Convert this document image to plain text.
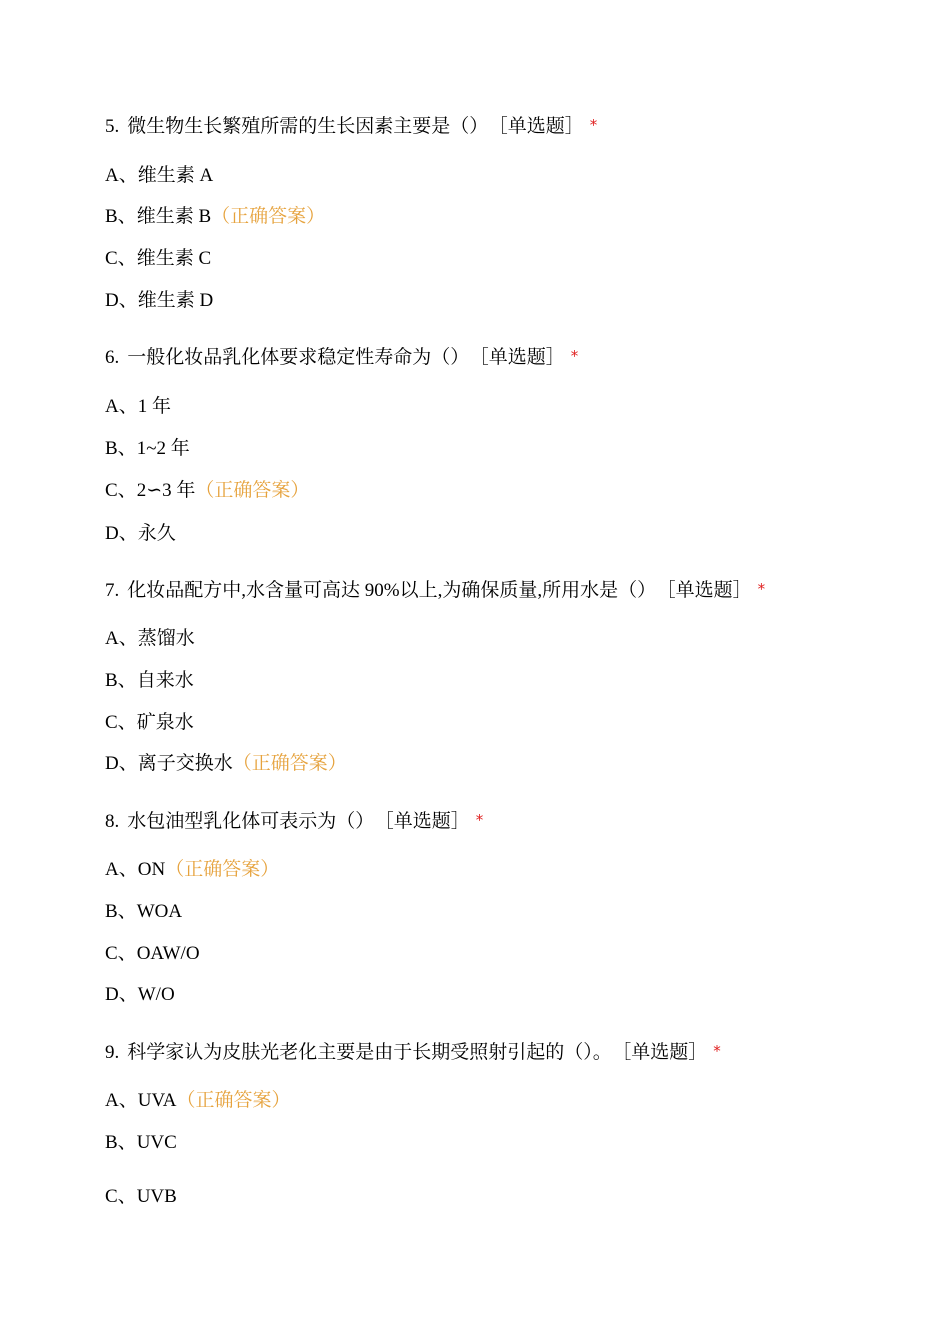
5. 微生物生长繁殖所需的生长因素主要是（） ［单选题］ *
A、维生素 A
B、维生素 B（正确答案）
C、维生素 C
D、维生素 D
6. 一般化妆品乳化体要求稳定性寿命为（） ［单选题］ *
A、1 年
B、1~2 年
C、2∽3 年（正确答案）
D、永久
7. 化妆品配方中,水含量可高达 90%以上,为确保质量,所用水是（） ［单选题］ *
A、蒸馏水
B、自来水
C、矿泉水
D、离子交换水（正确答案）
8. 水包油型乳化体可表示为（） ［单选题］ *
A、ON（正确答案）
B、WOA
C、OAW/O
D、W/O
9. 科学家认为皮肤光老化主要是由于长期受照射引起的（）。 ［单选题］ *
A、UVA（正确答案）
B、UVC
C、UVB
